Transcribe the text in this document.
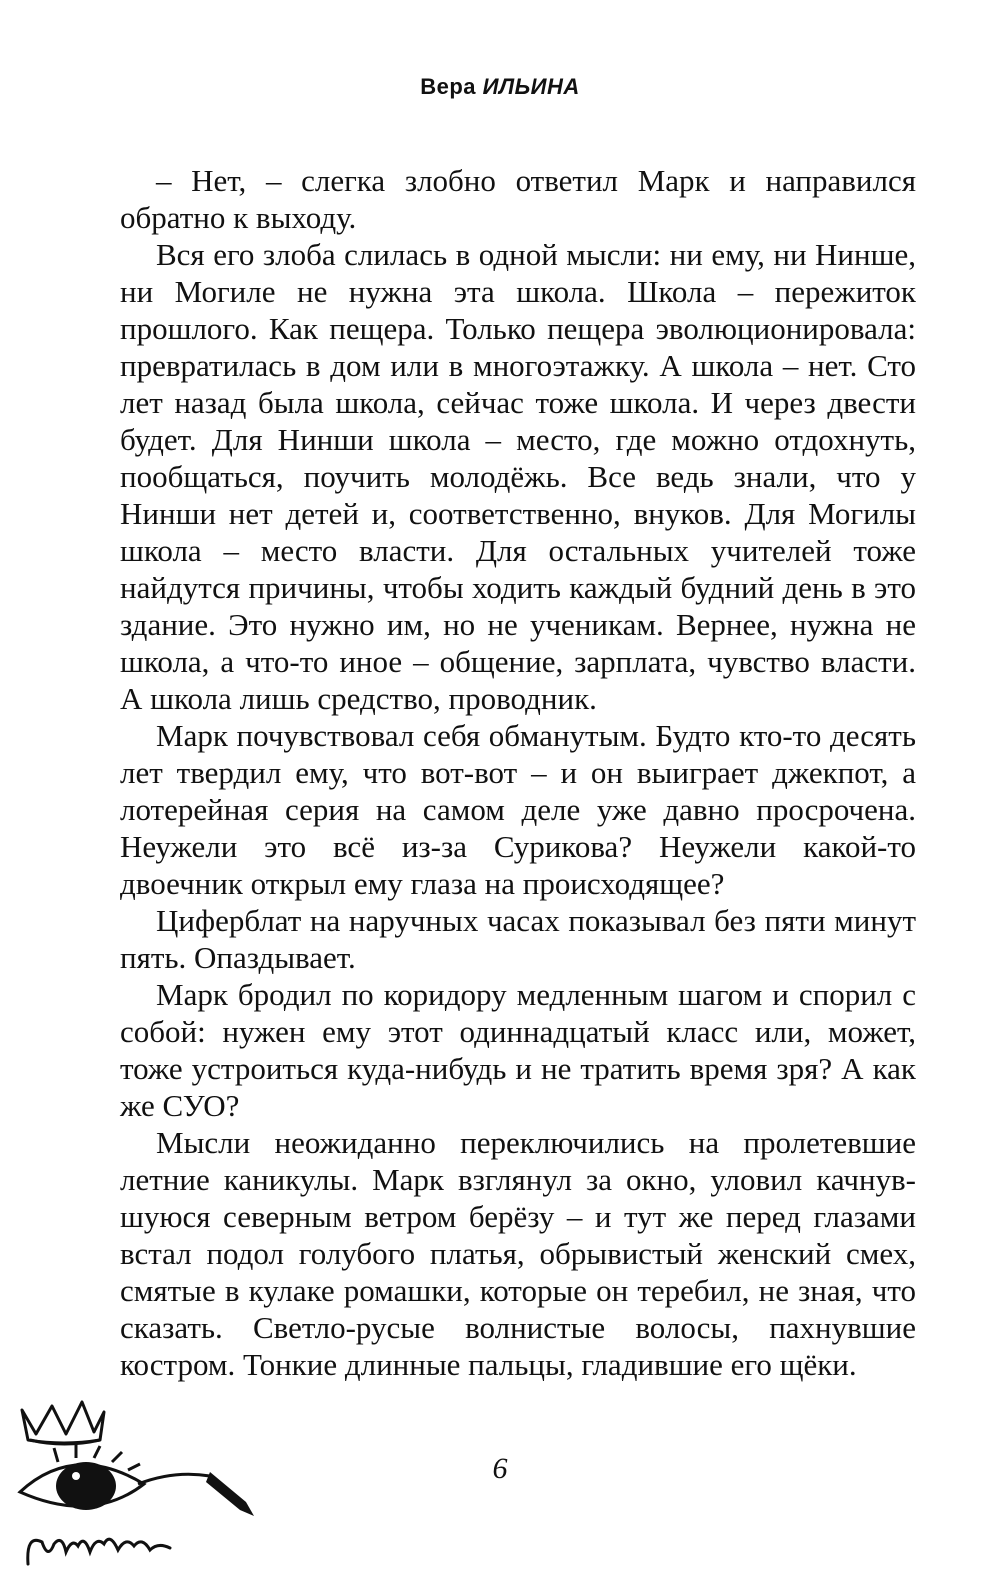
Вера ИЛЬИНА

– Нет, – слегка злобно ответил Марк и направился обратно к выходу.

Вся его злоба слилась в одной мысли: ни ему, ни Нинше, ни Могиле не нужна эта школа. Школа – пережиток прошлого. Как пещера. Только пещера эволюционировала: превратилась в дом или в многоэтажку. А школа – нет. Сто лет назад была школа, сейчас тоже школа. И через двести будет. Для Нинши школа – место, где можно отдохнуть, пообщаться, поучить молодёжь. Все ведь знали, что у Нинши нет детей и, соответственно, внуков. Для Могилы школа – место власти. Для остальных учителей тоже найдутся причины, чтобы ходить каждый будний день в это здание. Это нужно им, но не ученикам. Вернее, нужна не школа, а что-то иное – общение, зарплата, чувство власти. А школа лишь средство, проводник.

Марк почувствовал себя обманутым. Будто кто-то десять лет твердил ему, что вот-вот – и он выиграет джекпот, а лотерейная серия на самом деле уже давно просрочена. Неужели это всё из-за Сурикова? Неужели какой-то двоечник открыл ему глаза на происходящее?

Циферблат на наручных часах показывал без пяти минут пять. Опаздывает.

Марк бродил по коридору медленным шагом и спорил с собой: нужен ему этот одиннадцатый класс или, может, тоже устроиться куда-нибудь и не тратить время зря? А как же СУО?

Мысли неожиданно переключились на пролетевшие летние каникулы. Марк взглянул за окно, уловил качнувшуюся северным ветром берёзу – и тут же перед глазами встал подол голубого платья, обрывистый женский смех, смятые в кулаке ромашки, которые он теребил, не зная, что сказать. Светло-русые волнистые волосы, пахнувшие костром. Тонкие длинные пальцы, гладившие его щёки.

6
